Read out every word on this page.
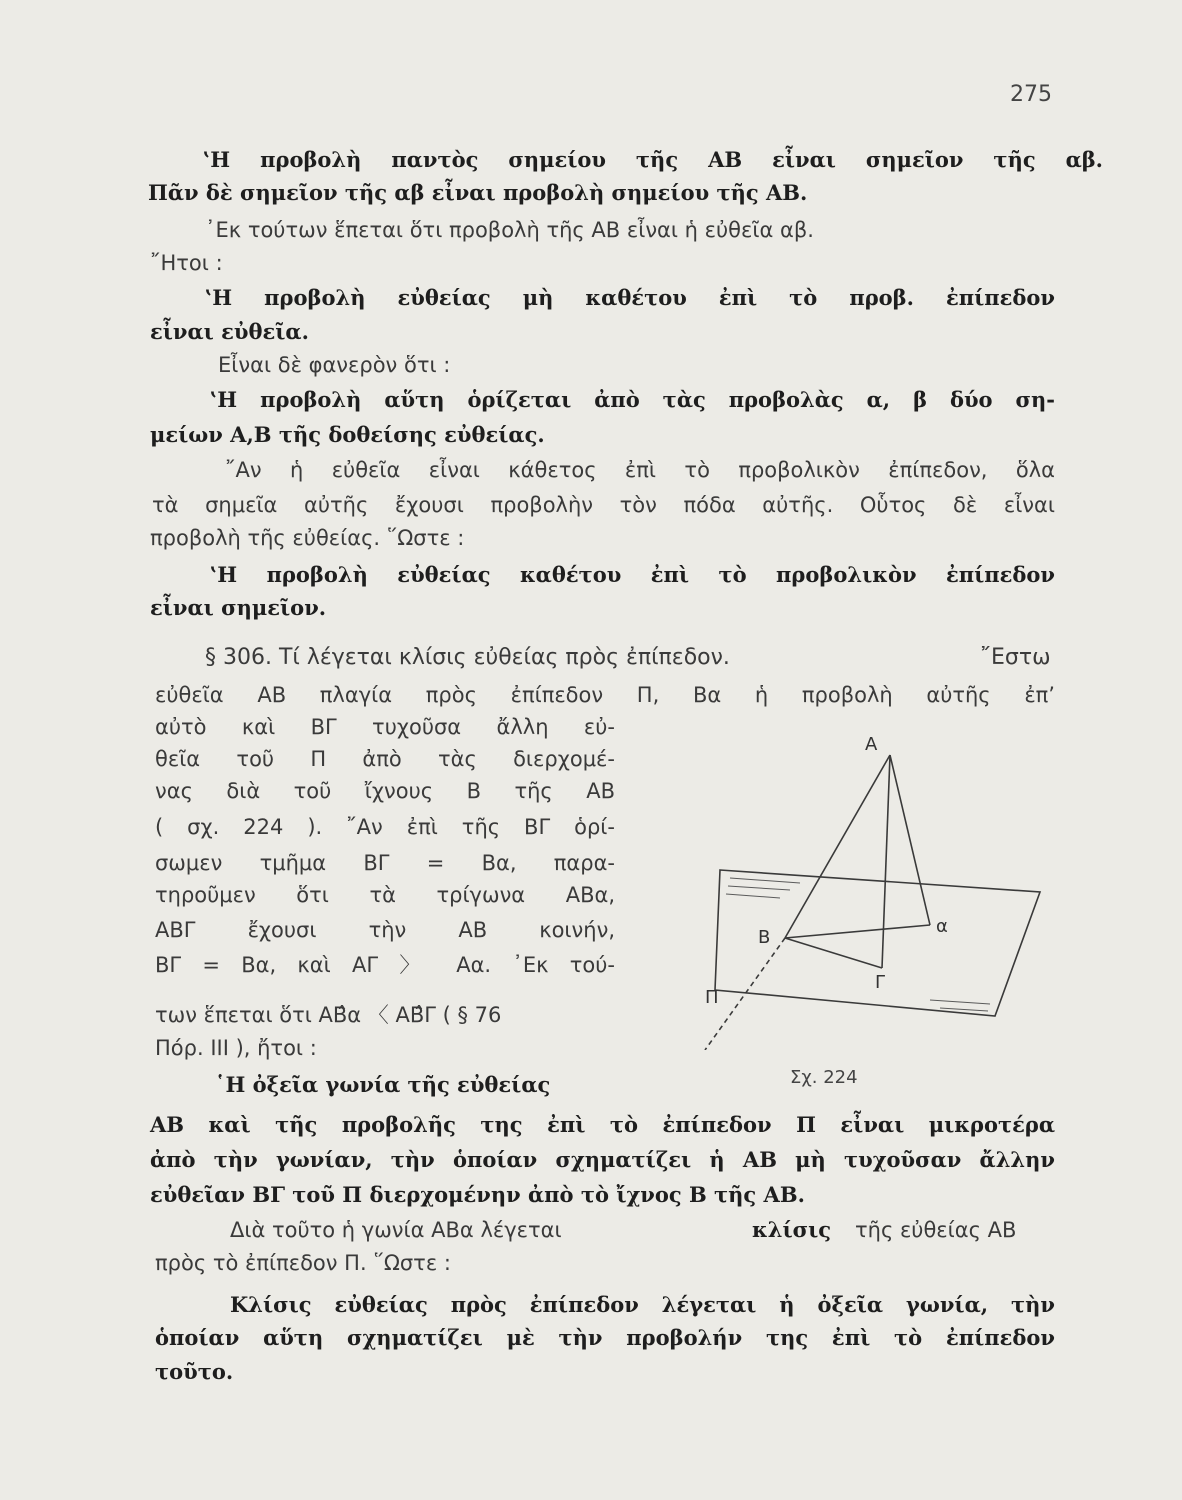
275
‛Η προβολὴ παντὸς σημείου τῆς ΑΒ εἶναι σημεῖον τῆς αβ.
Πᾶν δὲ σημεῖον τῆς αβ εἶναι προβολὴ σημείου τῆς ΑΒ.
᾿Εκ τούτων ἕπεται ὅτι προβολὴ τῆς ΑΒ εἶναι ἡ εὐθεῖα αβ.
῎Ητοι :
‛Η προβολὴ εὐθείας μὴ καθέτου ἐπὶ τὸ προβ. ἐπίπεδον
εἶναι εὐθεῖα.
Εἶναι δὲ φανερὸν ὅτι :
‛Η προβολὴ αὕτη ὁρίζεται ἀπὸ τὰς προβολὰς α, β δύο ση-
μείων Α,Β τῆς δοθείσης εὐθείας.
῎Αν ἡ εὐθεῖα εἶναι κάθετος ἐπὶ τὸ προβολικὸν ἐπίπεδον, ὅλα
τὰ σημεῖα αὐτῆς ἔχουσι προβολὴν τὸν πόδα αὐτῆς. Οὗτος δὲ εἶναι
προβολὴ τῆς εὐθείας. ῞Ωστε :
‛Η προβολὴ εὐθείας καθέτου ἐπὶ τὸ προβολικὸν ἐπίπεδον
εἶναι σημεῖον.
§ 306. Τί λέγεται κλίσις εὐθείας πρὸς ἐπίπεδον.	῎Εστω
εὐθεῖα ΑΒ πλαγία πρὸς ἐπίπεδον Π, Βα ἡ προβολὴ αὐτῆς ἐπ’
αὐτὸ καὶ ΒΓ τυχοῦσα ἄλλη εὐ-
θεῖα τοῦ Π ἀπὸ τὰς διερχομέ-
νας διὰ τοῦ ἴχνους Β τῆς ΑΒ
( σχ. 224 ). ῎Αν ἐπὶ τῆς ΒΓ ὁρί-
σωμεν τμῆμα ΒΓ = Βα, παρα-
τηροῦμεν ὅτι τὰ τρίγωνα ΑΒα,
ΑΒΓ ἔχουσι τὴν ΑΒ κοινήν,
ΒΓ = Βα, καὶ ΑΓ 〉 Αα. ᾿Εκ τού-
των ἕπεται ὅτι ΑΒ̂α 〈 ΑΒ̂Γ ( § 76
Πόρ. ΙΙΙ ), ἤτοι :
῾Η ὀξεῖα γωνία τῆς εὐθείας
ΑΒ καὶ τῆς προβολῆς της ἐπὶ τὸ ἐπίπεδον Π εἶναι μικροτέρα
ἀπὸ τὴν γωνίαν, τὴν ὁποίαν σχηματίζει ἡ ΑΒ μὴ τυχοῦσαν ἄλλην
εὐθεῖαν ΒΓ τοῦ Π διερχομένην ἀπὸ τὸ ἴχνος Β τῆς ΑΒ.
Διὰ τοῦτο ἡ γωνία ΑΒα λέγεται	κλίσις τῆς εὐθείας ΑΒ
πρὸς τὸ ἐπίπεδον Π. ῞Ωστε :
Κλίσις εὐθείας πρὸς ἐπίπεδον λέγεται ἡ ὀξεῖα γωνία, τὴν
ὁποίαν αὕτη σχηματίζει μὲ τὴν προβολήν της ἐπὶ τὸ ἐπίπεδον
τοῦτο.
Α
Β
α
Γ
Π
Σχ. 224
